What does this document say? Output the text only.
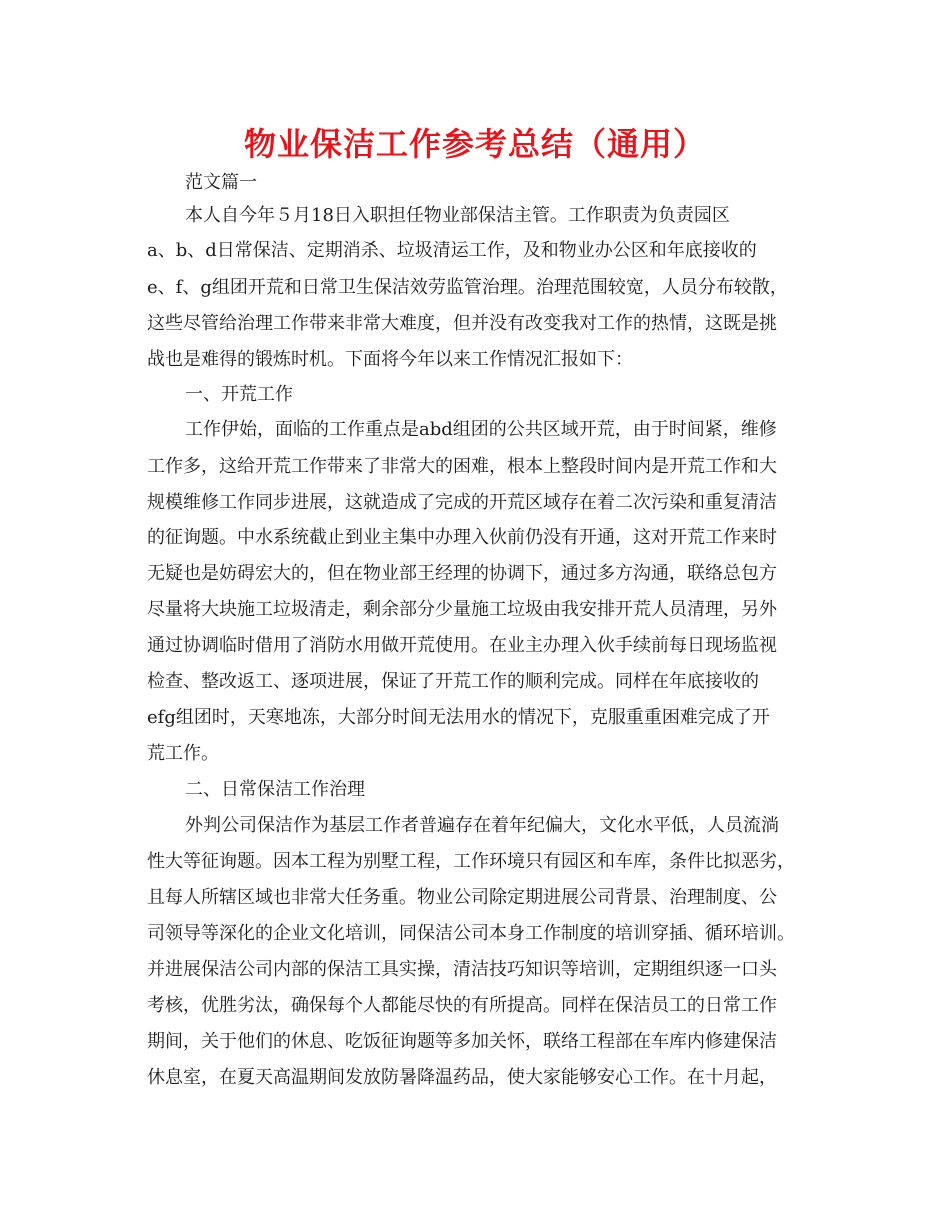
物业保洁工作参考总结（通用）

范文篇一

本人自今年５月18日入职担任物业部保洁主管。工作职责为负责园区

a、b、d日常保洁、定期消杀、垃圾清运工作，及和物业办公区和年底接收的

e、f、g组团开荒和日常卫生保洁效劳监管治理。治理范围较宽，人员分布较散，

这些尽管给治理工作带来非常大难度，但并没有改变我对工作的热情，这既是挑

战也是难得的锻炼时机。下面将今年以来工作情况汇报如下：

一、开荒工作

工作伊始，面临的工作重点是abd组团的公共区域开荒，由于时间紧，维修

工作多，这给开荒工作带来了非常大的困难，根本上整段时间内是开荒工作和大

规模维修工作同步进展，这就造成了完成的开荒区域存在着二次污染和重复清洁

的征询题。中水系统截止到业主集中办理入伙前仍没有开通，这对开荒工作来时

无疑也是妨碍宏大的，但在物业部王经理的协调下，通过多方沟通，联络总包方

尽量将大块施工垃圾清走，剩余部分少量施工垃圾由我安排开荒人员清理，另外

通过协调临时借用了消防水用做开荒使用。在业主办理入伙手续前每日现场监视

检查、整改返工、逐项进展，保证了开荒工作的顺利完成。同样在年底接收的

efg组团时，天寒地冻，大部分时间无法用水的情况下，克服重重困难完成了开

荒工作。

二、日常保洁工作治理

外判公司保洁作为基层工作者普遍存在着年纪偏大，文化水平低，人员流淌

性大等征询题。因本工程为别墅工程，工作环境只有园区和车库，条件比拟恶劣，

且每人所辖区域也非常大任务重。物业公司除定期进展公司背景、治理制度、公

司领导等深化的企业文化培训，同保洁公司本身工作制度的培训穿插、循环培训。

并进展保洁公司内部的保洁工具实操，清洁技巧知识等培训，定期组织逐一口头

考核，优胜劣汰，确保每个人都能尽快的有所提高。同样在保洁员工的日常工作

期间，关于他们的休息、吃饭征询题等多加关怀，联络工程部在车库内修建保洁

休息室，在夏天高温期间发放防暑降温药品，使大家能够安心工作。在十月起，
